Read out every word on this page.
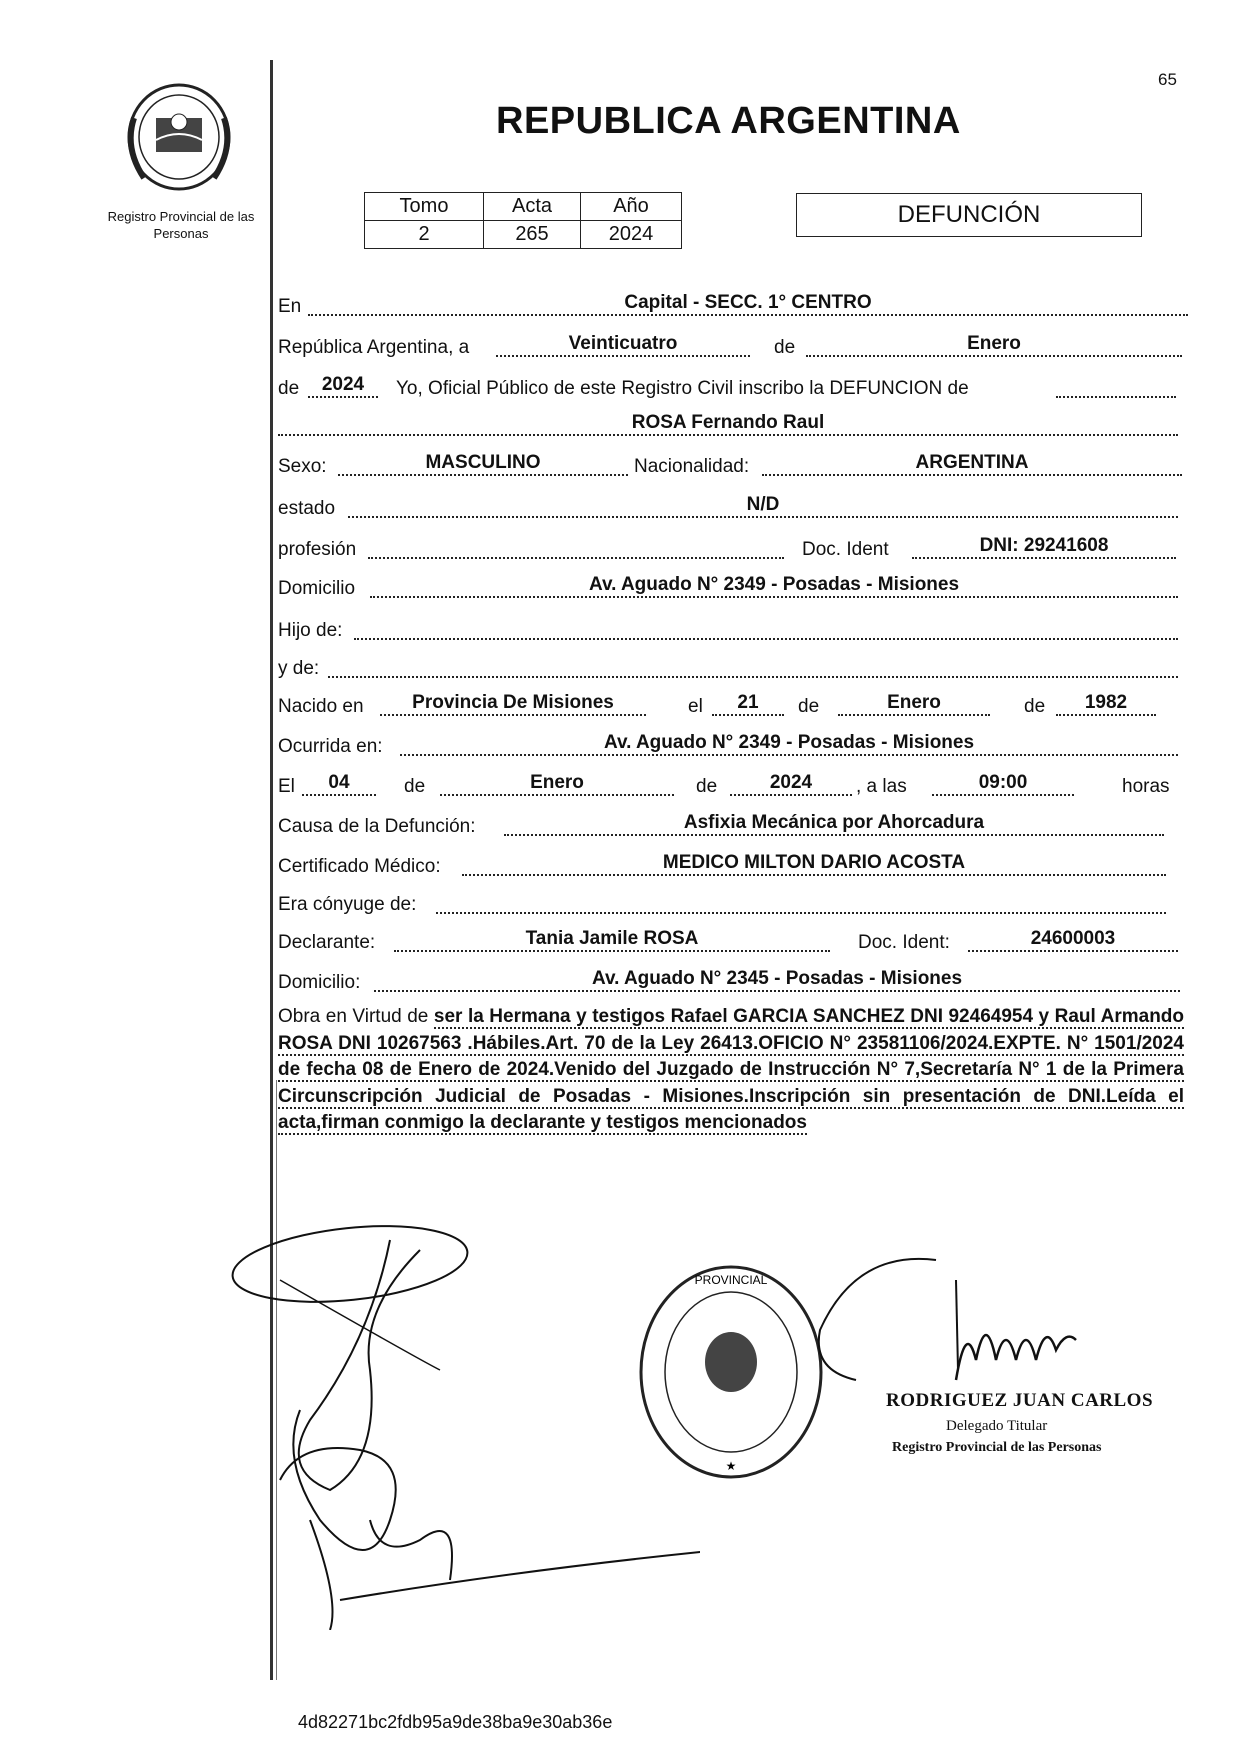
65
Registro Provincial de las Personas
REPUBLICA ARGENTINA
Tomo	Acta	Año
2	265	2024
DEFUNCIÓN
En	Capital - SECC. 1° CENTRO
República Argentina, a	Veinticuatro	de	Enero
de	2024	Yo, Oficial Público de este Registro Civil inscribo la DEFUNCION de
ROSA Fernando Raul
Sexo:	MASCULINO	Nacionalidad:	ARGENTINA
estado	N/D
profesión	Doc. Ident	DNI: 29241608
Domicilio	Av. Aguado N° 2349 - Posadas - Misiones
Hijo de:
y de:
Nacido en	Provincia De Misiones	el	21	de	Enero	de	1982
Ocurrida en:	Av. Aguado N° 2349 - Posadas - Misiones
El	04	de	Enero	de	2024	, a las	09:00	horas
Causa de la Defunción:	Asfixia Mecánica por Ahorcadura
Certificado Médico:	MEDICO MILTON DARIO ACOSTA
Era cónyuge de:
Declarante:	Tania Jamile ROSA	Doc. Ident:	24600003
Domicilio:	Av. Aguado N° 2345 - Posadas - Misiones
Obra en Virtud de ser la Hermana y testigos Rafael GARCIA SANCHEZ DNI 92464954 y Raul Armando ROSA DNI 10267563 .Hábiles.Art. 70 de la Ley 26413.OFICIO N° 23581106/2024.EXPTE. N° 1501/2024 de fecha 08 de Enero de 2024.Venido del Juzgado de Instrucción N° 7,Secretaría N° 1 de la Primera Circunscripción Judicial de Posadas - Misiones.Inscripción sin presentación de DNI.Leída el acta,firman conmigo la declarante y testigos mencionados
PROVINCIAL
★
RODRIGUEZ JUAN CARLOS
Delegado Titular
Registro Provincial de las Personas
4d82271bc2fdb95a9de38ba9e30ab36e
